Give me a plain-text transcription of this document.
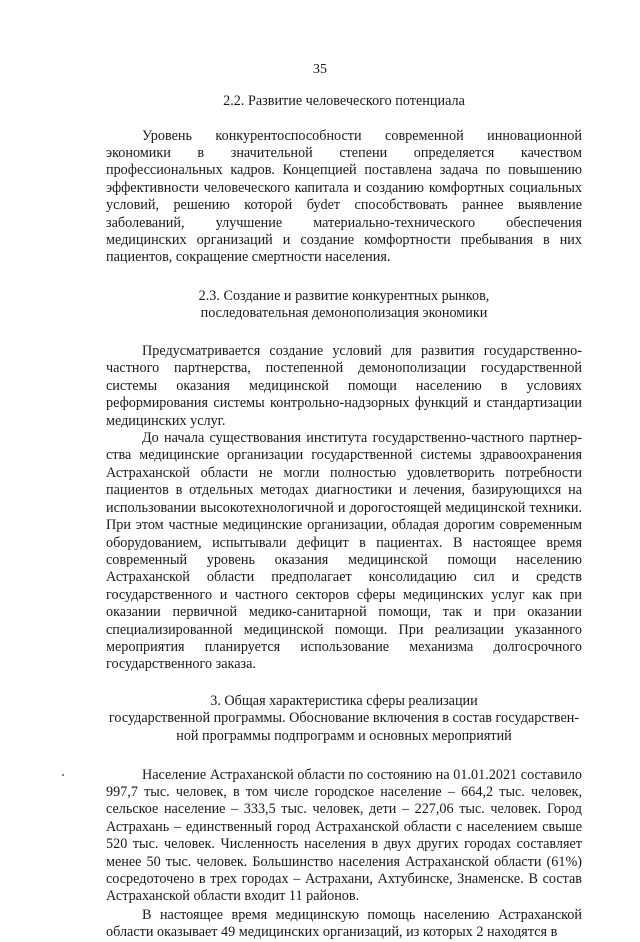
35
2.2. Развитие человеческого потенциала

Уровень конкурентоспособности современной инновационной экономики в значительной степени определяется качеством профессиональных кадров. Концепцией поставлена задача по повышению эффективности человеческого капитала и созданию комфортных социальных условий, решению которой буdет способствовать раннее выявление заболеваний, улучшение материально-технического обеспечения медицинских организаций и создание комфортности пребывания в них пациентов, сокращение смертности населения.

2.3. Создание и развитие конкурентных рынков,
последовательная демонополизация экономики

Предусматривается создание условий для развития государственно-частного партнерства, постепенной демонополизации государственной системы оказания медицинской помощи населению в условиях реформирования системы контрольно-надзорных функций и стандартизации медицинских услуг.

До начала существования института государственно-частного партнерства медицинские организации государственной системы здравоохранения Астраханской области не могли полностью удовлетворить потребности пациентов в отдельных методах диагностики и лечения, базирующихся на использовании высокотехнологичной и дорогостоящей медицинской техники. При этом частные медицинские организации, обладая дорогим современным оборудованием, испытывали дефицит в пациентах. В настоящее время современный уровень оказания медицинской помощи населению Астраханской области предполагает консолидацию сил и средств государственного и частного секторов сферы медицинских услуг как при оказании первичной медико-санитарной помощи, так и при оказании специализированной медицинской помощи. При реализации указанного мероприятия планируется использование механизма долгосрочного государственного заказа.

3. Общая характеристика сферы реализации
государственной программы. Обоснование включения в состав государствен-
ной программы подпрограмм и основных мероприятий

Население Астраханской области по состоянию на 01.01.2021 составило 997,7 тыс. человек, в том числе городское население – 664,2 тыс. человек, сельское население – 333,5 тыс. человек, дети – 227,06 тыс. человек. Город Астрахань – единственный город Астраханской области с населением свыше 520 тыс. человек. Численность населения в двух других городах составляет менее 50 тыс. человек. Большинство населения Астраханской области (61%) сосредоточено в трех городах – Астрахани, Ахтубинске, Знаменске. В состав Астраханской области входит 11 районов.

В настоящее время медицинскую помощь населению Астраханской области оказывает 49 медицинских организаций, из которых 2 находятся в
